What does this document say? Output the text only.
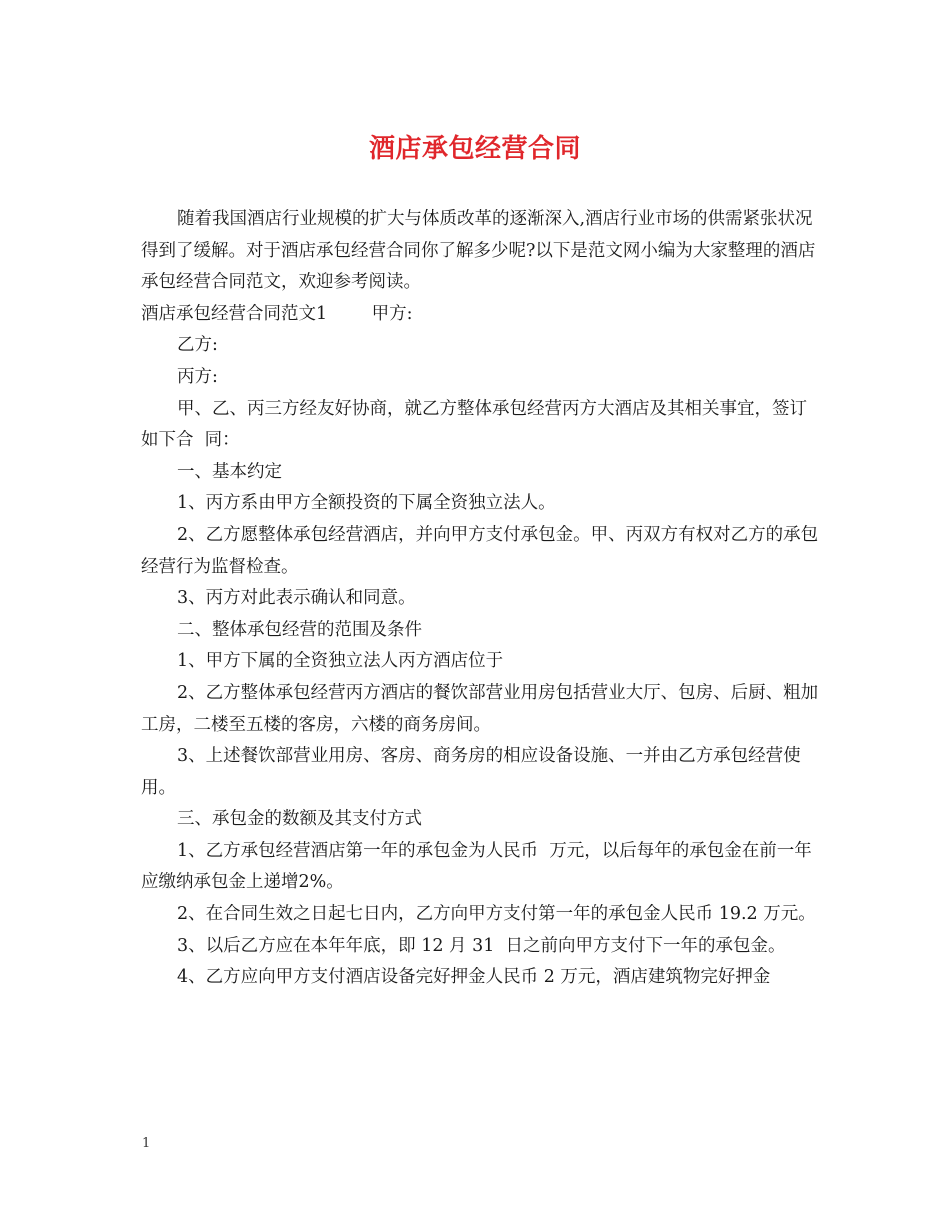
酒店承包经营合同

随着我国酒店行业规模的扩大与体质改革的逐渐深入,酒店行业市场的供需紧张状况得到了缓解。对于酒店承包经营合同你了解多少呢?以下是范文网小编为大家整理的酒店承包经营合同范文，欢迎参考阅读。

酒店承包经营合同范文1        甲方:

乙方:

丙方:

甲、乙、丙三方经友好协商，就乙方整体承包经营丙方大酒店及其相关事宜，签订如下合  同：

一、基本约定

1、丙方系由甲方全额投资的下属全资独立法人。

2、乙方愿整体承包经营酒店，并向甲方支付承包金。甲、丙双方有权对乙方的承包经营行为监督检查。

3、丙方对此表示确认和同意。

二、整体承包经营的范围及条件

1、甲方下属的全资独立法人丙方酒店位于

2、乙方整体承包经营丙方酒店的餐饮部营业用房包括营业大厅、包房、后厨、粗加工房，二楼至五楼的客房，六楼的商务房间。

3、上述餐饮部营业用房、客房、商务房的相应设备设施、一并由乙方承包经营使用。

三、承包金的数额及其支付方式

1、乙方承包经营酒店第一年的承包金为人民币  万元，以后每年的承包金在前一年应缴纳承包金上递增2%。

2、在合同生效之日起七日内，乙方向甲方支付第一年的承包金人民币 19.2 万元。

3、以后乙方应在本年年底，即 12 月 31  日之前向甲方支付下一年的承包金。

4、乙方应向甲方支付酒店设备完好押金人民币 2 万元，酒店建筑物完好押金

1
